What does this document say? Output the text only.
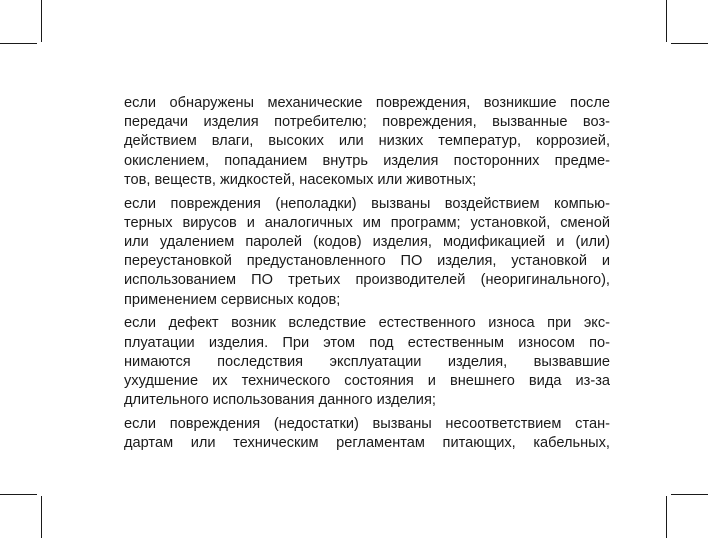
если обнаружены механические повреждения, возникшие после
передачи изделия потребителю; повреждения, вызванные воз-
действием влаги, высоких или низких температур, коррозией,
окислением, попаданием внутрь изделия посторонних предме-
тов, веществ, жидкостей, насекомых или животных;

если повреждения (неполадки) вызваны воздействием компью-
терных вирусов и аналогичных им программ; установкой, сменой
или удалением паролей (кодов) изделия, модификацией и (или)
переустановкой предустановленного ПО изделия, установкой и
использованием ПО третьих производителей (неоригинального),
применением сервисных кодов;

если дефект возник вследствие естественного износа при экс-
плуатации изделия. При этом под естественным износом по-
нимаются последствия эксплуатации изделия, вызвавшие
ухудшение их технического состояния и внешнего вида из-за
длительного использования данного изделия;

если повреждения (недостатки) вызваны несоответствием стан-
дартам или техническим регламентам питающих, кабельных,
